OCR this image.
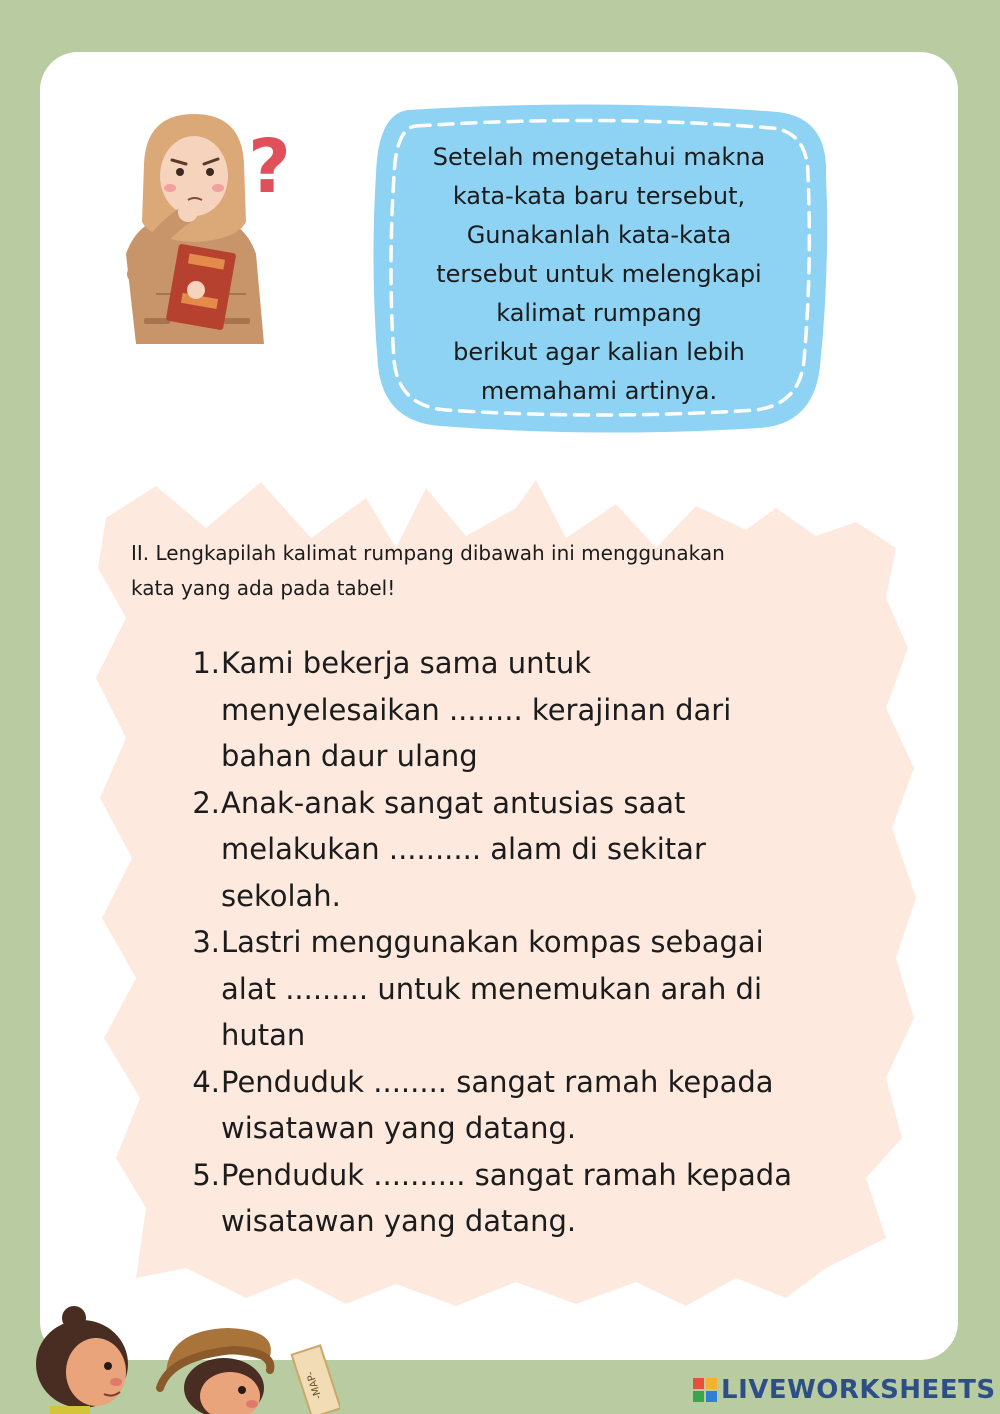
?	Setelah mengetahui makna
kata-kata baru tersebut,
Gunakanlah kata-kata
tersebut untuk melengkapi
kalimat rumpang
berikut agar kalian lebih
memahami artinya.
II. Lengkapilah kalimat rumpang dibawah ini menggunakan
kata yang ada pada tabel!
1. Kami bekerja sama untuk
menyelesaikan ........ kerajinan dari
bahan daur ulang
2. Anak-anak sangat antusias saat
melakukan .......... alam di sekitar
sekolah.
3. Lastri menggunakan kompas sebagai
alat ......... untuk menemukan arah di
hutan
4. Penduduk ........ sangat ramah kepada
wisatawan yang datang.
5. Penduduk .......... sangat ramah kepada
wisatawan yang datang.
-MAP-	LIVEWORKSHEETS
